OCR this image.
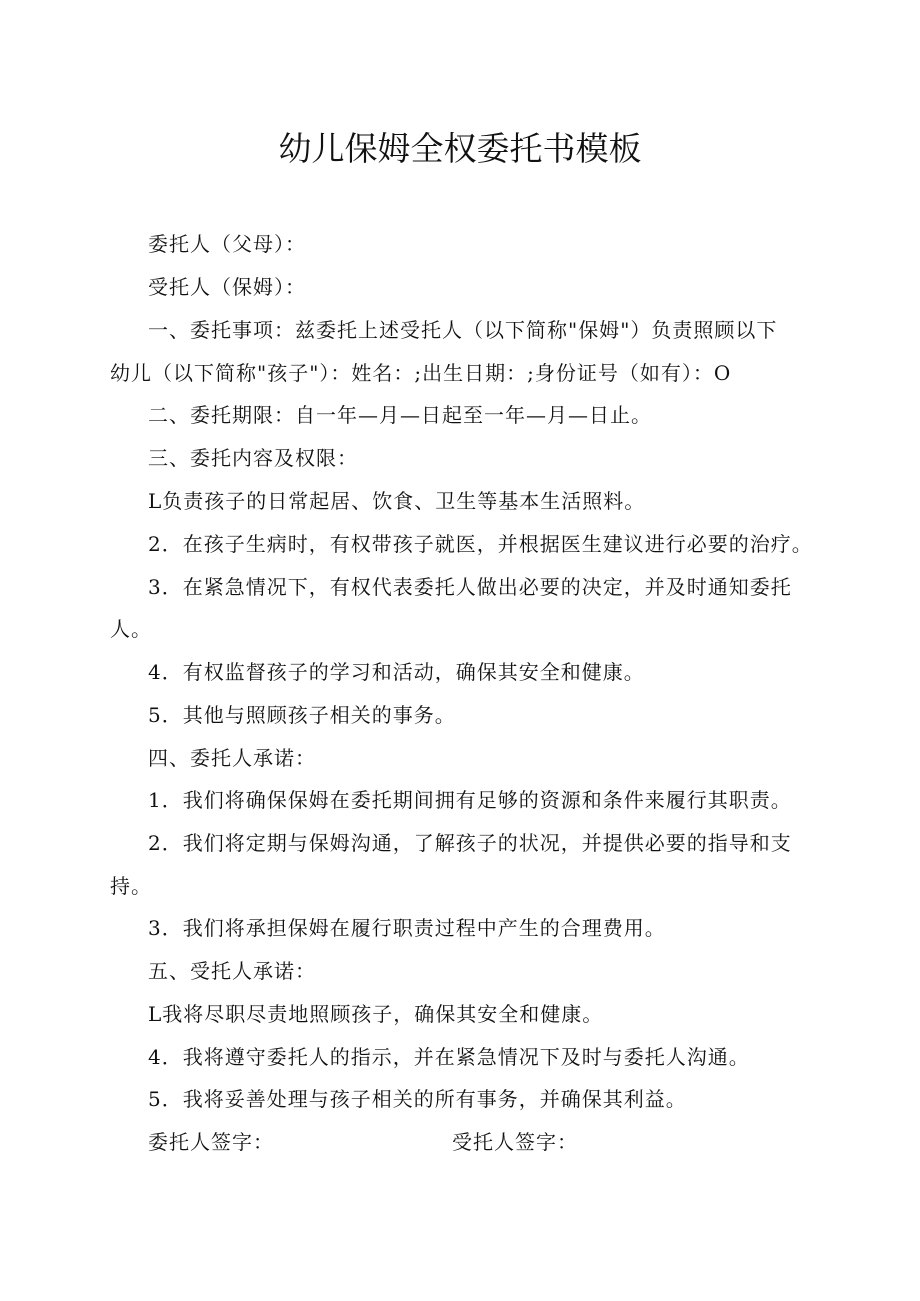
幼儿保姆全权委托书模板

委托人（父母）：

受托人（保姆）：

一、委托事项：兹委托上述受托人（以下简称"保姆"）负责照顾以下

幼儿（以下简称"孩子"）：姓名：;出生日期：;身份证号（如有）：O

二、委托期限：自一年—月—日起至一年—月—日止。

三、委托内容及权限：

L负责孩子的日常起居、饮食、卫生等基本生活照料。

2．在孩子生病时，有权带孩子就医，并根据医生建议进行必要的治疗。

3．在紧急情况下，有权代表委托人做出必要的决定，并及时通知委托

人。

4．有权监督孩子的学习和活动，确保其安全和健康。

5．其他与照顾孩子相关的事务。

四、委托人承诺：

1．我们将确保保姆在委托期间拥有足够的资源和条件来履行其职责。

2．我们将定期与保姆沟通，了解孩子的状况，并提供必要的指导和支

持。

3．我们将承担保姆在履行职责过程中产生的合理费用。

五、受托人承诺：

L我将尽职尽责地照顾孩子，确保其安全和健康。

4．我将遵守委托人的指示，并在紧急情况下及时与委托人沟通。

5．我将妥善处理与孩子相关的所有事务，并确保其利益。

委托人签字：	受托人签字：
